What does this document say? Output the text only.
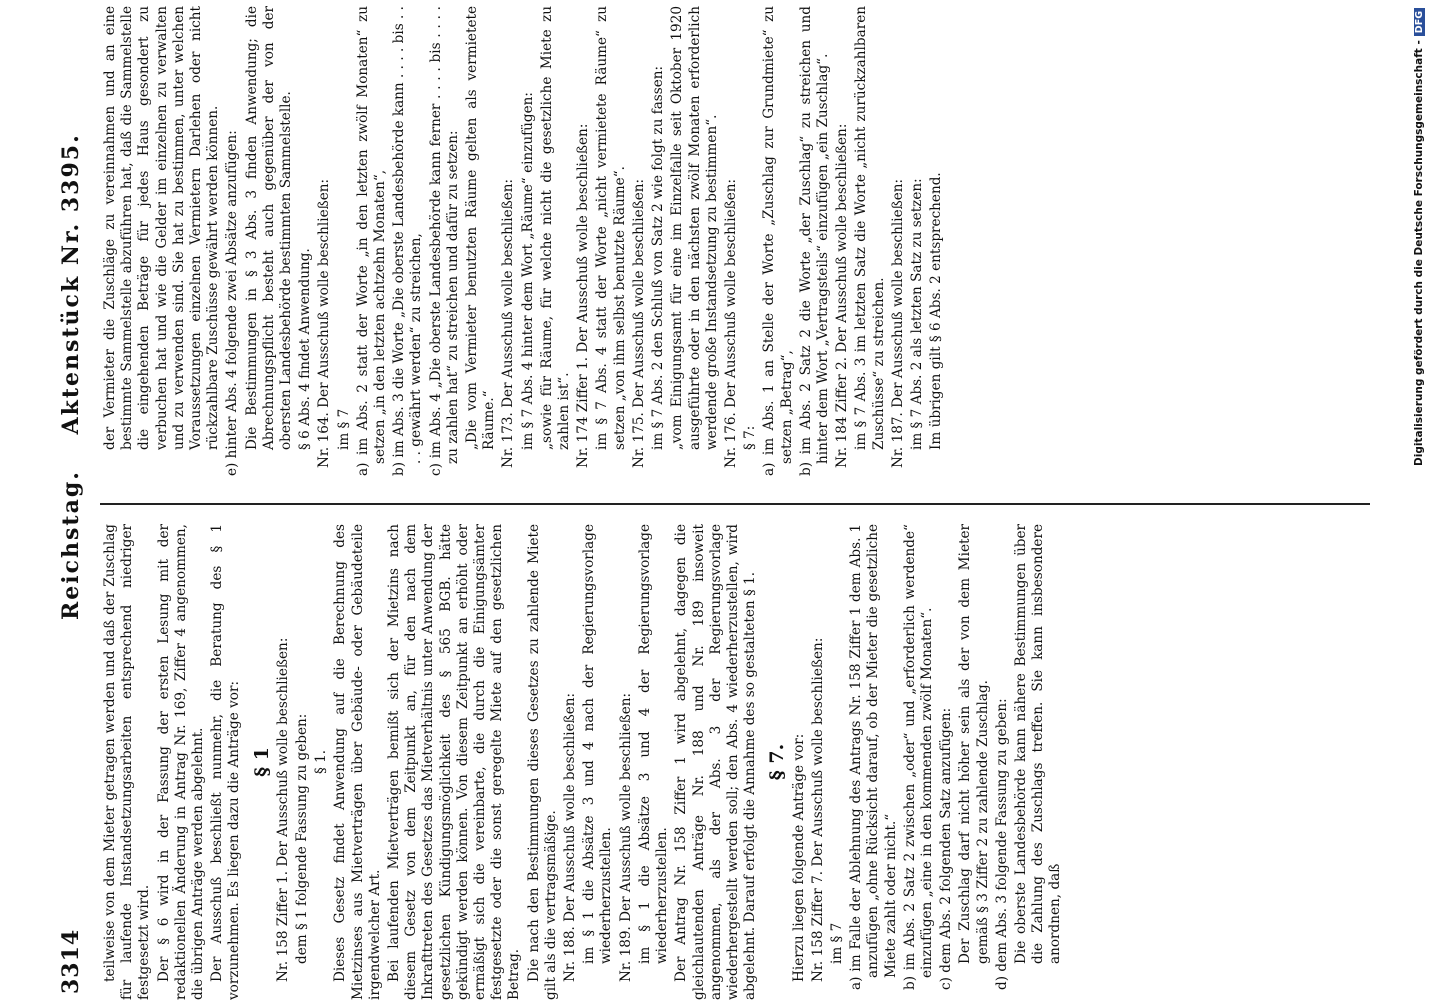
3314
Reichstag. Aktenstück Nr. 3395.

teilweise von dem Mieter getragen werden und daß der Zuschlag für laufende Instandsetzungsarbeiten entsprechend niedriger festgesetzt wird. Der § 6 wird in der Fassung der ersten Lesung mit der redaktionellen Änderung in Antrag Nr. 169, Ziffer 4 angenommen, die übrigen Anträge werden abgelehnt. Der Ausschuß beschließt nunmehr, die Beratung des § 1 vorzunehmen. Es liegen dazu die Anträge vor: § 1 Nr. 158 Ziffer 1. Der Ausschuß wolle beschließen: dem § 1 folgende Fassung zu geben: § 1. Dieses Gesetz findet Anwendung auf die Berechnung des Mietzinses aus Mietverträgen über Gebäude- oder Gebäudeteile irgendwelcher Art. Bei laufenden Mietverträgen bemißt sich der Mietzins nach diesem Gesetz von dem Zeitpunkt an, für den nach dem Inkrafttreten des Gesetzes das Mietverhältnis unter Anwendung der gesetzlichen Kündigungsmöglichkeit des § 565 BGB. hätte gekündigt werden können. Von diesem Zeitpunkt an erhöht oder ermäßigt sich die vereinbarte, die durch die Einigungsämter festgesetzte oder die sonst geregelte Miete auf den gesetzlichen Betrag. Die nach den Bestimmungen dieses Gesetzes zu zahlende Miete gilt als die vertragsmäßige. Nr. 188. Der Ausschuß wolle beschließen: im § 1 die Absätze 3 und 4 nach der Regierungsvorlage wiederherzustellen. Nr. 189. Der Ausschuß wolle beschließen: im § 1 die Absätze 3 und 4 der Regierungsvorlage wiederherzustellen. Der Antrag Nr. 158 Ziffer 1 wird abgelehnt, dagegen die gleichlautenden Anträge Nr. 188 und Nr. 189 insoweit angenommen, als der Abs. 3 der Regierungsvorlage wiederhergestellt werden soll; den Abs. 4 wiederherzustellen, wird abgelehnt. Darauf erfolgt die Annahme des so gestalteten § 1. § 7. Hierzu liegen folgende Anträge vor: Nr. 158 Ziffer 7. Der Ausschuß wolle beschließen: im § 7 a) im Falle der Ablehnung des Antrags Nr. 158 Ziffer 1 dem Abs. 1 anzufügen „ohne Rücksicht darauf, ob der Mieter die gesetzliche Miete zahlt oder nicht.“ b) im Abs. 2 Satz 2 zwischen „oder“ und „erforderlich werdende“ einzufügen „eine in den kommenden zwölf Monaten“. c) dem Abs. 2 folgenden Satz anzufügen: Der Zuschlag darf nicht höher sein als der von dem Mieter gemäß § 3 Ziffer 2 zu zahlende Zuschlag. d) dem Abs. 3 folgende Fassung zu geben: Die oberste Landesbehörde kann nähere Bestimmungen über die Zahlung des Zuschlags treffen. Sie kann insbesondere anordnen, daß

der Vermieter die Zuschläge zu vereinnahmen und an eine bestimmte Sammelstelle abzuführen hat, daß die Sammelstelle die eingehenden Beträge für jedes Haus gesondert zu verbuchen hat und wie die Gelder im einzelnen zu verwalten und zu verwenden sind. Sie hat zu bestimmen, unter welchen Voraussetzungen einzelnen Vermietern Darlehen oder nicht rückzahlbare Zuschüsse gewährt werden können. e) hinter Abs. 4 folgende zwei Absätze anzufügen: Die Bestimmungen in § 3 Abs. 3 finden Anwendung; die Abrechnungspflicht besteht auch gegenüber der von der obersten Landesbehörde bestimmten Sammelstelle. § 6 Abs. 4 findet Anwendung. Nr. 164. Der Ausschuß wolle beschließen: im § 7 a) im Abs. 2 statt der Worte „in den letzten zwölf Monaten“ zu setzen „in den letzten achtzehn Monaten“, b) im Abs. 3 die Worte „Die oberste Landesbehörde kann . . . . bis . . . . gewährt werden“ zu streichen, c) im Abs. 4 „Die oberste Landesbehörde kann ferner . . . . bis . . . . zu zahlen hat“ zu streichen und dafür zu setzen: „Die vom Vermieter benutzten Räume gelten als vermietete Räume.“ Nr. 173. Der Ausschuß wolle beschließen: im § 7 Abs. 4 hinter dem Wort „Räume“ einzufügen: „sowie für Räume, für welche nicht die gesetzliche Miete zu zahlen ist“. Nr. 174 Ziffer 1. Der Ausschuß wolle beschließen: im § 7 Abs. 4 statt der Worte „nicht vermietete Räume“ zu setzen „von ihm selbst benutzte Räume“. Nr. 175. Der Ausschuß wolle beschließen: im § 7 Abs. 2 den Schluß von Satz 2 wie folgt zu fassen: „vom Einigungsamt für eine im Einzelfalle seit Oktober 1920 ausgeführte oder in den nächsten zwölf Monaten erforderlich werdende große Instandsetzung zu bestimmen“. Nr. 176. Der Ausschuß wolle beschließen: § 7: a) im Abs. 1 an Stelle der Worte „Zuschlag zur Grundmiete“ zu setzen „Betrag“, b) im Abs. 2 Satz 2 die Worte „der Zuschlag“ zu streichen und hinter dem Wort „Vertragsteils“ einzufügen „ein Zuschlag“. Nr. 184 Ziffer 2. Der Ausschuß wolle beschließen: im § 7 Abs. 3 im letzten Satz die Worte „nicht zurückzahlbaren Zuschüsse“ zu streichen. Nr. 187. Der Ausschuß wolle beschließen: im § 7 Abs. 2 als letzten Satz zu setzen: Im übrigen gilt § 6 Abs. 2 entsprechend.	Digitalisierung gefördert durch die Deutsche Forschungsgemeinschaft -DFG
